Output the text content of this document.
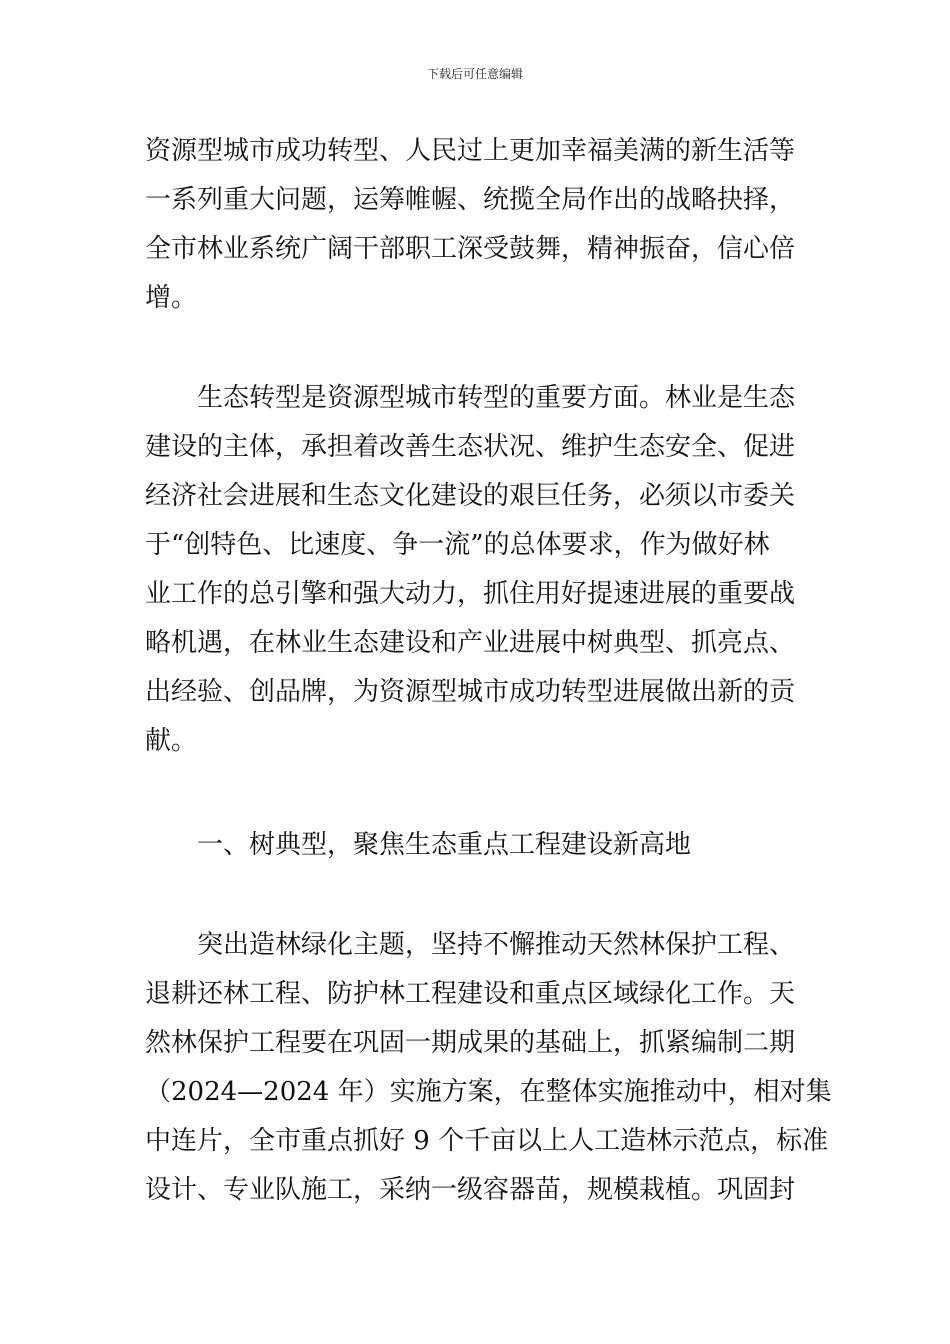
下载后可任意编辑
资源型城市成功转型、人民过上更加幸福美满的新生活等
一系列重大问题，运筹帷幄、统揽全局作出的战略抉择，
全市林业系统广阔干部职工深受鼓舞，精神振奋，信心倍
增。
生态转型是资源型城市转型的重要方面。林业是生态
建设的主体，承担着改善生态状况、维护生态安全、促进
经济社会进展和生态文化建设的艰巨任务，必须以市委关
于“创特色、比速度、争一流”的总体要求，作为做好林
业工作的总引擎和强大动力，抓住用好提速进展的重要战
略机遇，在林业生态建设和产业进展中树典型、抓亮点、
出经验、创品牌，为资源型城市成功转型进展做出新的贡
献。
一、树典型，聚焦生态重点工程建设新高地
突出造林绿化主题，坚持不懈推动天然林保护工程、
退耕还林工程、防护林工程建设和重点区域绿化工作。天
然林保护工程要在巩固一期成果的基础上，抓紧编制二期
（2024—2024 年）实施方案，在整体实施推动中，相对集
中连片，全市重点抓好 9 个千亩以上人工造林示范点，标准
设计、专业队施工，采纳一级容器苗，规模栽植。巩固封
